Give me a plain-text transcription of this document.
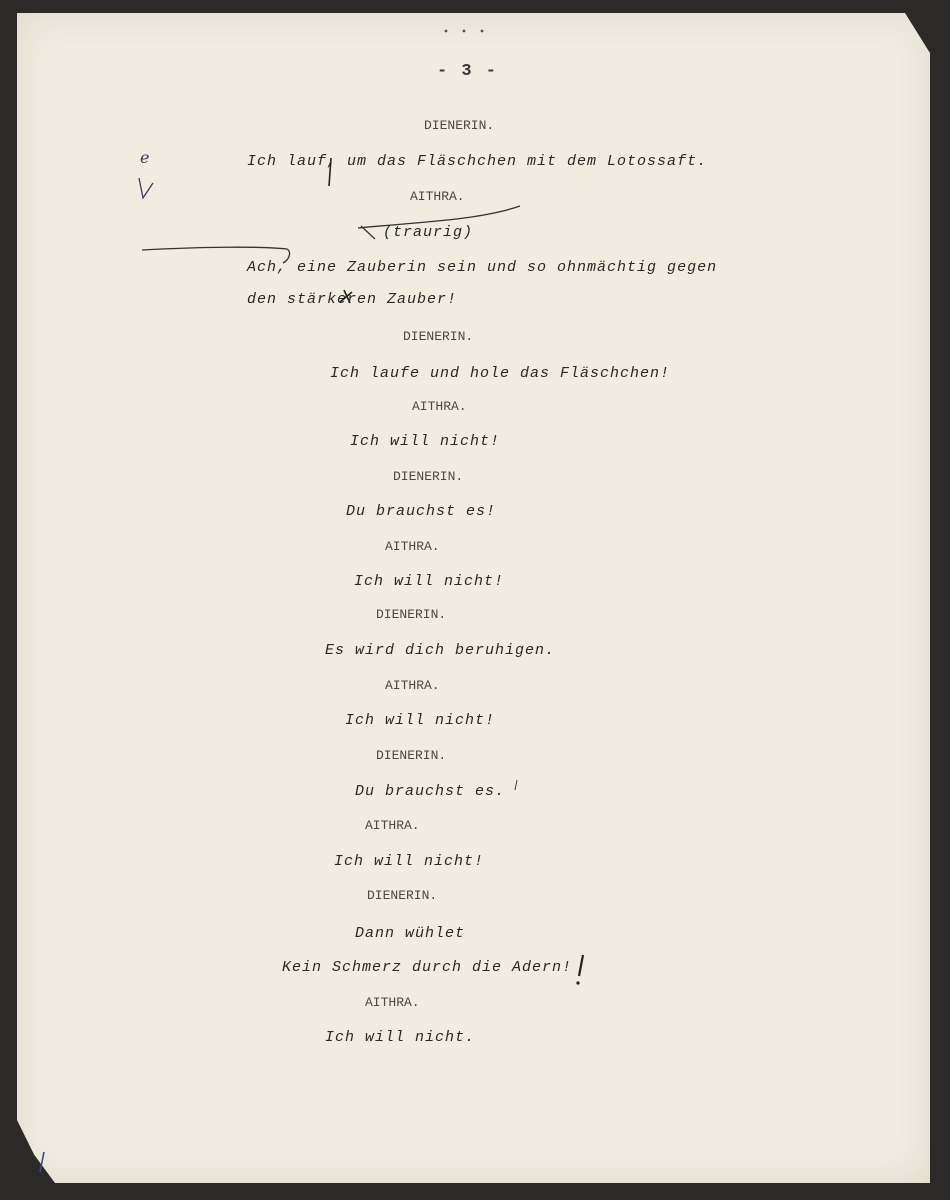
- 3 -
DIENERIN.
Ich lauf, um das Fläschchen mit dem Lotossaft.
AITHRA.
(traurig)
Ach, eine Zauberin sein und so ohnmächtig gegen
den stärkeren Zauber!
DIENERIN.
Ich laufe und hole das Fläschchen!
AITHRA.
Ich will nicht!
DIENERIN.
Du brauchst es!
AITHRA.
Ich will nicht!
DIENERIN.
Es wird dich beruhigen.
AITHRA.
Ich will nicht!
DIENERIN.
Du brauchst es.
AITHRA.
Ich will nicht!
DIENERIN.
Dann wühlet
Kein Schmerz durch die Adern!
AITHRA.
Ich will nicht.
e
